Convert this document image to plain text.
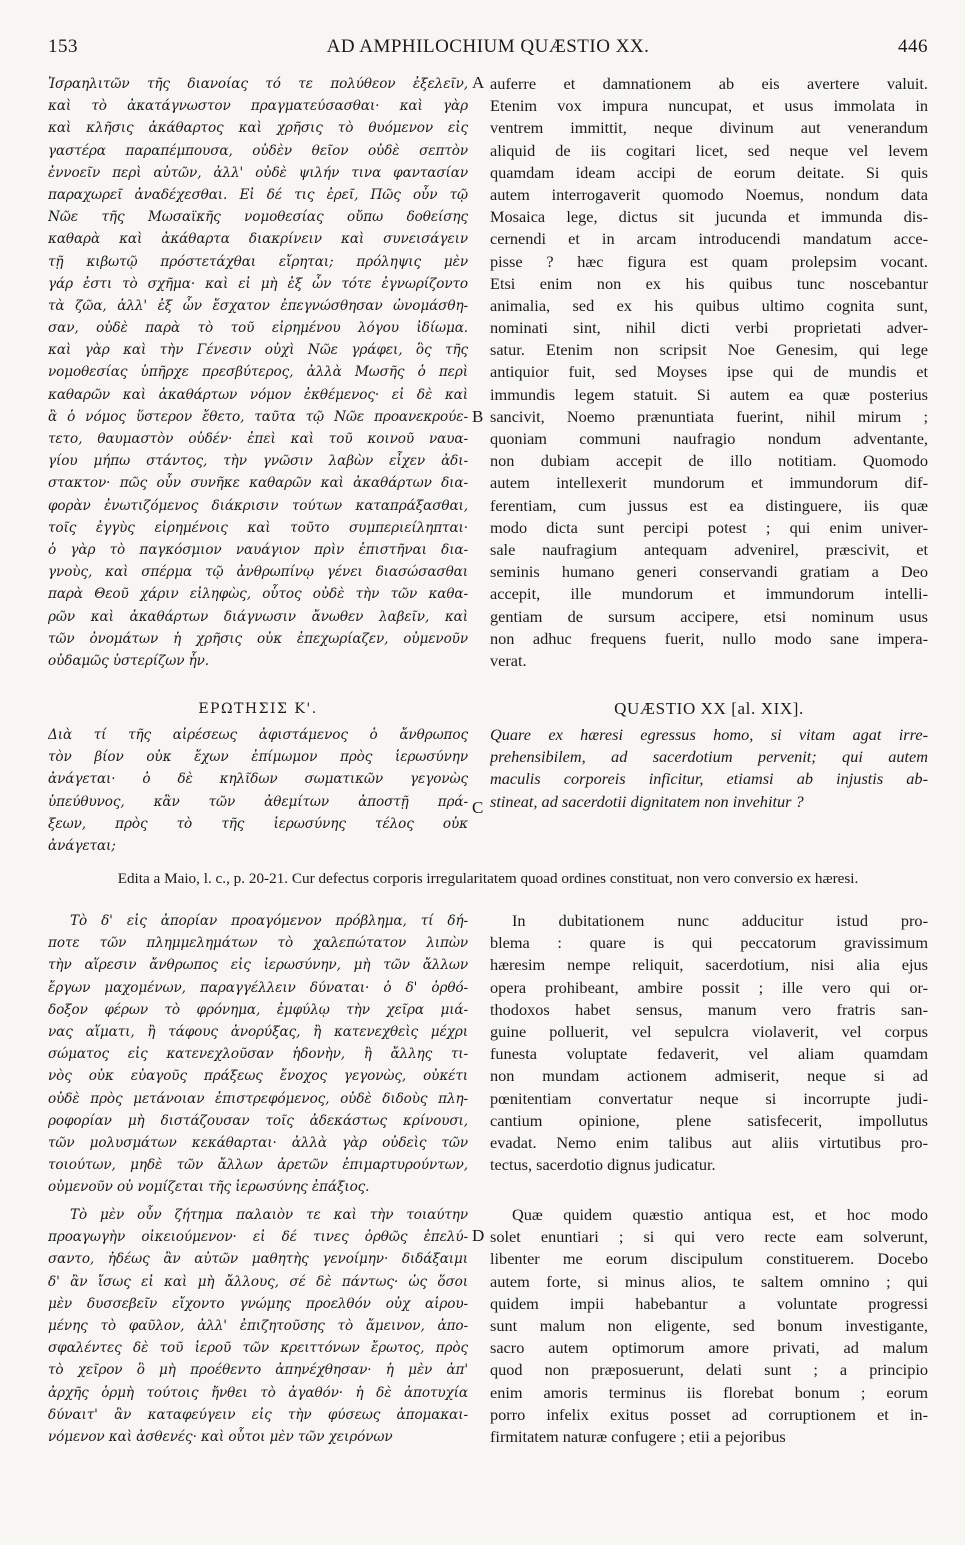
153	AD AMPHILOCHIUM QUÆSTIO XX.	446
Ἰσραηλιτῶν τῆς διανοίας τό τε πολύθεον ἐξελεῖν,
καὶ τὸ ἀκατάγνωστον πραγματεύσασθαι· καὶ γὰρ
καὶ κλῆσις ἀκάθαρτος καὶ χρῆσις τὸ θυόμενον εἰς
γαστέρα παραπέμπουσα, οὐδὲν θεῖον οὐδὲ σεπτὸν
ἐννοεῖν περὶ αὐτῶν, ἀλλ' οὐδὲ ψιλήν τινα φαντασίαν
παραχωρεῖ ἀναδέχεσθαι. Εἰ δέ τις ἐρεῖ, Πῶς οὖν τῷ
Νῶε τῆς Μωσαϊκῆς νομοθεσίας οὔπω δοθείσης
καθαρὰ καὶ ἀκάθαρτα διακρίνειν καὶ συνεισάγειν
τῇ κιβωτῷ πρόστετάχθαι εἴρηται; πρόληψις μὲν
γάρ ἐστι τὸ σχῆμα· καὶ εἰ μὴ ἐξ ὧν τότε ἐγνωρίζοντο
τὰ ζῶα, ἀλλ' ἐξ ὧν ἔσχατον ἐπεγνώσθησαν ὠνομάσθη-
σαν, οὐδὲ παρὰ τὸ τοῦ εἰρημένου λόγου ἰδίωμα.
καὶ γὰρ καὶ τὴν Γένεσιν οὐχὶ Νῶε γράφει, ὃς τῆς
νομοθεσίας ὑπῆρχε πρεσβύτερος, ἀλλὰ Μωσῆς ὁ περὶ
καθαρῶν καὶ ἀκαθάρτων νόμον ἐκθέμενος· εἰ δὲ καὶ
ἃ ὁ νόμος ὕστερον ἔθετο, ταῦτα τῷ Νῶε προανεκρούε-
τετο, θαυμαστὸν οὐδέν· ἐπεὶ καὶ τοῦ κοινοῦ ναυα-
γίου μήπω στάντος, τὴν γνῶσιν λαβὼν εἶχεν ἀδι-
στακτον· πῶς οὖν συνῆκε καθαρῶν καὶ ἀκαθάρτων δια-
φορὰν ἐνωτιζόμενος διάκρισιν τούτων καταπράξασθαι,
τοῖς ἐγγὺς εἰρημένοις καὶ τοῦτο συμπεριείληπται·
ὁ γὰρ τὸ παγκόσμιον ναυάγιον πρὶν ἐπιστῆναι δια-
γνοὺς, καὶ σπέρμα τῷ ἀνθρωπίνῳ γένει διασώσασθαι
παρὰ Θεοῦ χάριν εἰληφὼς, οὗτος οὐδὲ τὴν τῶν καθα-
ρῶν καὶ ἀκαθάρτων διάγνωσιν ἄνωθεν λαβεῖν, καὶ
τῶν ὀνομάτων ἡ χρῆσις οὐκ ἐπεχωρίαζεν, οὐμενοῦν
οὐδαμῶς ὑστερίζων ἦν.
auferre et damnationem ab eis avertere valuit.
Etenim vox impura nuncupat, et usus immolata in
ventrem immittit, neque divinum aut venerandum
aliquid de iis cogitari licet, sed neque vel levem
quamdam ideam accipi de eorum deitate. Si quis
autem interrogaverit quomodo Noemus, nondum data
Mosaica lege, dictus sit jucunda et immunda dis-
cernendi et in arcam introducendi mandatum acce-
pisse ? hæc figura est quam prolepsim vocant.
Etsi enim non ex his quibus tunc noscebantur
animalia, sed ex his quibus ultimo cognita sunt,
nominati sint, nihil dicti verbi proprietati adver-
satur. Etenim non scripsit Noe Genesim, qui lege
antiquior fuit, sed Moyses ipse qui de mundis et
immundis legem statuit. Si autem ea quæ posterius
sancivit, Noemo prænuntiata fuerint, nihil mirum ;
quoniam communi naufragio nondum adventante,
non dubiam accepit de illo notitiam. Quomodo
autem intellexerit mundorum et immundorum dif-
ferentiam, cum jussus est ea distinguere, iis quæ
modo dicta sunt percipi potest ; qui enim univer-
sale naufragium antequam advenirel, præscivit, et
seminis humano generi conservandi gratiam a Deo
accepit, ille mundorum et immundorum intelli-
gentiam de sursum accipere, etsi nominum usus
non adhuc frequens fuerit, nullo modo sane impera-
verat.
A
B
C
D
ΕΡΩΤΗΣΙΣ Κ'.	QUÆSTIO XX [al. XIX].
Διὰ τί τῆς αἱρέσεως ἀφιστάμενος ὁ ἄνθρωπος
τὸν βίον οὐκ ἔχων ἐπίμωμον πρὸς ἱερωσύνην
ἀνάγεται· ὁ δὲ κηλῖδων σωματικῶν γεγονὼς
ὑπεύθυνος, κἂν τῶν ἀθεμίτων ἀποστῇ πρά-
ξεων, πρὸς τὸ τῆς ἱερωσύνης τέλος οὐκ
ἀνάγεται;
Quare ex hæresi egressus homo, si vitam agat irre-
prehensibilem, ad sacerdotium pervenit; qui autem
maculis corporeis inficitur, etiamsi ab injustis ab-
stineat, ad sacerdotii dignitatem non invehitur ?
Edita a Maio, l. c., p. 20-21. Cur defectus corporis irregularitatem quoad ordines constituat, non vero conversio ex hæresi.
Τὸ δ' εἰς ἀπορίαν προαγόμενον πρόβλημα, τί δή-
ποτε τῶν πλημμελημάτων τὸ χαλεπώτατον λιπὼν
τὴν αἵρεσιν ἄνθρωπος εἰς ἱερωσύνην, μὴ τῶν ἄλλων
ἔργων μαχομένων, παραγγέλλειν δύναται· ὁ δ' ὀρθό-
δοξον φέρων τὸ φρόνημα, ἐμφύλῳ τὴν χεῖρα μιά-
νας αἵματι, ἢ τάφους ἀνορύξας, ἢ κατενεχθεὶς μέχρι
σώματος εἰς κατενεχλοῦσαν ἡδονὴν, ἢ ἄλλης τι-
νὸς οὐκ εὐαγοῦς πράξεως ἔνοχος γεγονὼς, οὐκέτι
οὐδὲ πρὸς μετάνοιαν ἐπιστρεφόμενος, οὐδὲ διδοὺς πλη-
ροφορίαν μὴ διστάζουσαν τοῖς ἀδεκάστως κρίνουσι,
τῶν μολυσμάτων κεκάθαρται· ἀλλὰ γὰρ οὐδεὶς τῶν
τοιούτων, μηδὲ τῶν ἄλλων ἀρετῶν ἐπιμαρτυρούντων,
οὐμενοῦν οὐ νομίζεται τῆς ἱερωσύνης ἐπάξιος.
In dubitationem nunc adducitur istud pro-
blema : quare is qui peccatorum gravissimum
hæresim nempe reliquit, sacerdotium, nisi alia ejus
opera prohibeant, ambire possit ; ille vero qui or-
thodoxos habet sensus, manum vero fratris san-
guine polluerit, vel sepulcra violaverit, vel corpus
funesta voluptate fedaverit, vel aliam quamdam
non mundam actionem admiserit, neque si ad
pœnitentiam convertatur neque si incorrupte judi-
cantium opinione, plene satisfecerit, impollutus
evadat. Nemo enim talibus aut aliis virtutibus pro-
tectus, sacerdotio dignus judicatur.
Τὸ μὲν οὖν ζήτημα παλαιὸν τε καὶ τὴν τοιαύτην
προαγωγὴν οἰκειούμενον· εἰ δέ τινες ὀρθῶς ἐπελύ-
σαντο, ἡδέως ἂν αὐτῶν μαθητὴς γενοίμην· διδάξαιμι
δ' ἂν ἴσως εἰ καὶ μὴ ἄλλους, σέ δὲ πάντως· ὡς ὅσοι
μὲν δυσσεβεῖν εἴχοντο γνώμης προελθόν οὐχ αἱρου-
μένης τὸ φαῦλον, ἀλλ' ἐπιζητοῦσης τὸ ἄμεινον, ἀπο-
σφαλέντες δὲ τοῦ ἱεροῦ τῶν κρειττόνων ἔρωτος, πρὸς
τὸ χεῖρον ὃ μὴ προέθεντο ἀπηνέχθησαν· ἡ μὲν ἀπ'
ἀρχῆς ὁρμὴ τούτοις ἤνθει τὸ ἀγαθόν· ἡ δὲ ἀποτυχία
δύναιτ' ἂν καταφεύγειν εἰς τὴν φύσεως ἀπομακαι-
νόμενον καὶ ἀσθενές· καὶ οὗτοι μὲν τῶν χειρόνων
Quæ quidem quæstio antiqua est, et hoc modo
solet enuntiari ; si qui vero recte eam solverunt,
libenter me eorum discipulum constituerem. Docebo
autem forte, si minus alios, te saltem omnino ; qui
quidem impii habebantur a voluntate progressi
sunt malum non eligente, sed bonum investigante,
sacro autem optimorum amore privati, ad malum
quod non præposuerunt, delati sunt ; a principio
enim amoris terminus iis florebat bonum ; eorum
porro infelix exitus posset ad corruptionem et in-
firmitatem naturæ confugere ; etii a pejoribus
